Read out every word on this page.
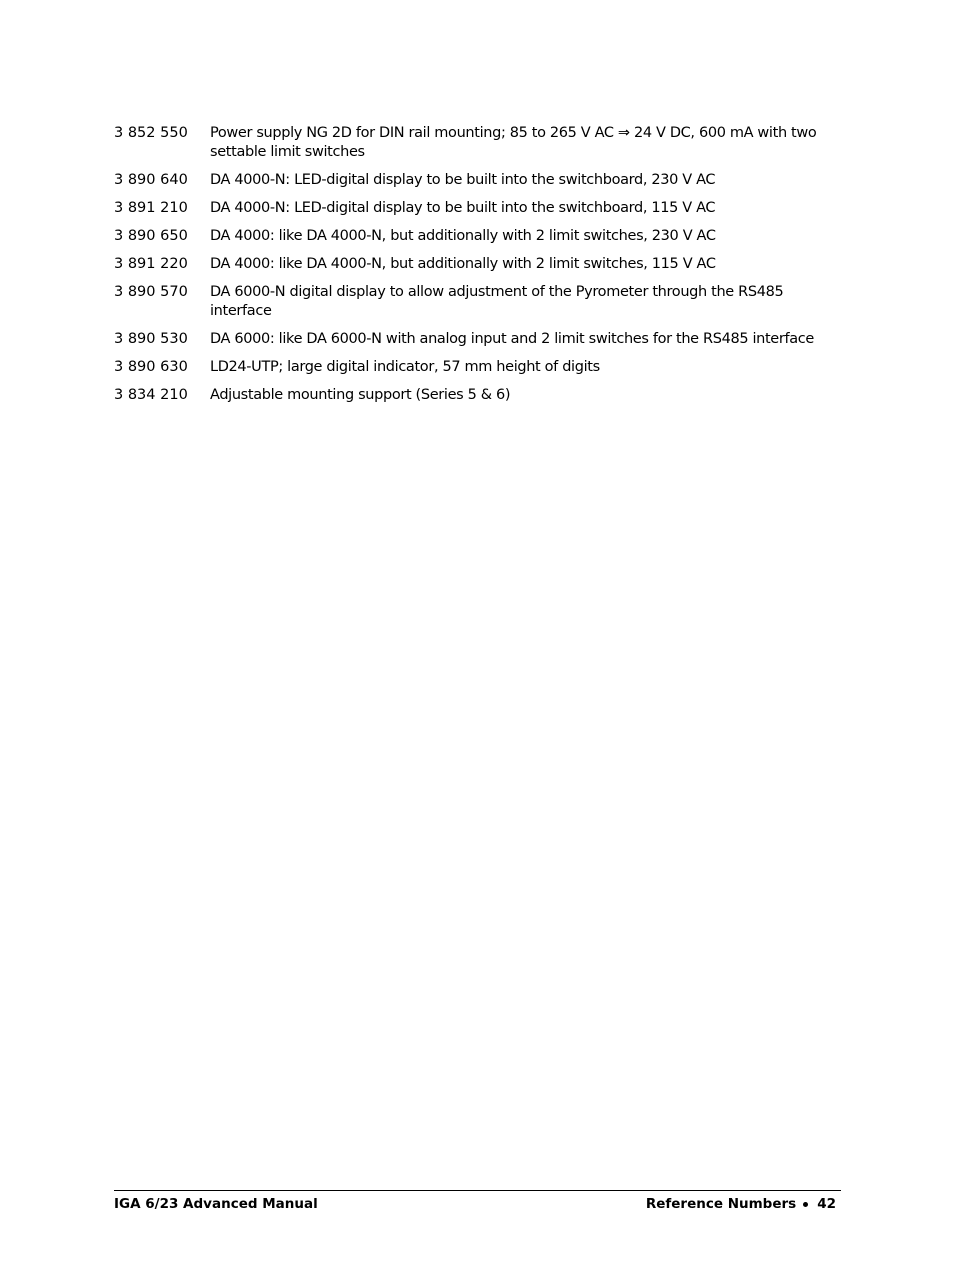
3 852 550	Power supply NG 2D for DIN rail mounting; 85 to 265 V AC ⇒ 24 V DC, 600 mA with two settable limit switches
3 890 640	DA 4000-N: LED-digital display to be built into the switchboard, 230 V AC
3 891 210	DA 4000-N: LED-digital display to be built into the switchboard, 115 V AC
3 890 650	DA 4000: like DA 4000-N, but additionally with 2 limit switches, 230 V AC
3 891 220	DA 4000: like DA 4000-N, but additionally with 2 limit switches, 115 V AC
3 890 570	DA 6000-N digital display to allow adjustment of the Pyrometer through the RS485 interface
3 890 530	DA 6000: like DA 6000-N with analog input and 2 limit switches for the RS485 interface
3 890 630	LD24-UTP; large digital indicator, 57 mm height of digits
3 834 210	Adjustable mounting support (Series 5 & 6)
IGA 6/23 Advanced Manual	Reference Numbers 42
